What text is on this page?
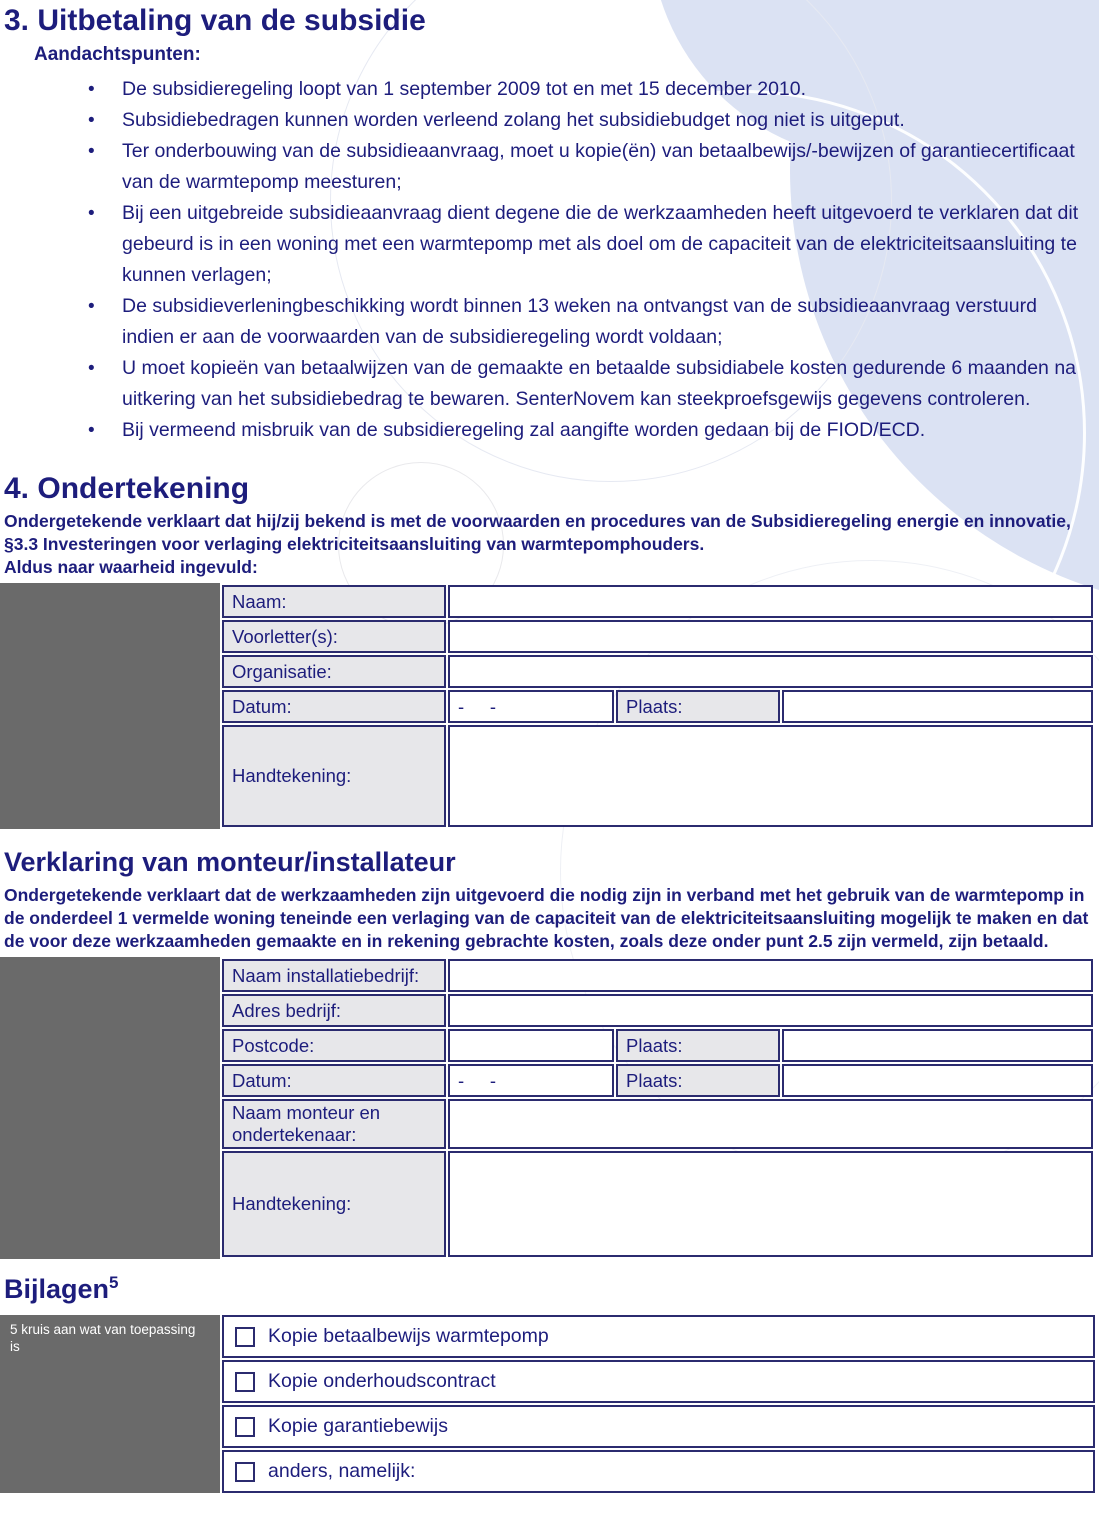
3. Uitbetaling van de subsidie
Aandachtspunten:
• De subsidieregeling loopt van 1 september 2009 tot en met 15 december 2010.
• Subsidiebedragen kunnen worden verleend zolang het subsidiebudget nog niet is uitgeput.
• Ter onderbouwing van de subsidieaanvraag, moet u kopie(ën) van betaalbewijs/-bewijzen of garantiecertificaat van de warmtepomp meesturen;
• Bij een uitgebreide subsidieaanvraag dient degene die de werkzaamheden heeft uitgevoerd te verklaren dat dit gebeurd is in een woning met een warmtepomp met als doel om de capaciteit van de elektriciteitsaansluiting te kunnen verlagen;
• De subsidieverleningbeschikking wordt binnen 13 weken na ontvangst van de subsidieaanvraag verstuurd indien er aan de voorwaarden van de subsidieregeling wordt voldaan;
• U moet kopieën van betaalwijzen van de gemaakte en betaalde subsidiabele kosten gedurende 6 maanden na uitkering van het subsidiebedrag te bewaren. SenterNovem kan steekproefsgewijs gegevens controleren.
• Bij vermeend misbruik van de subsidieregeling zal aangifte worden gedaan bij de FIOD/ECD.
4. Ondertekening

Ondergetekende verklaart dat hij/zij bekend is met de voorwaarden en procedures van de Subsidieregeling energie en innovatie, §3.3 Investeringen voor verlaging elektriciteitsaansluiting van warmtepomphouders.

Aldus naar waarheid ingevuld:

Naam:			
Voorletter(s):			
Organisatie:			
Datum:	-     -	Plaats:	
Handtekening:			
Verklaring van monteur/installateur

Ondergetekende verklaart dat de werkzaamheden zijn uitgevoerd die nodig zijn in verband met het gebruik van de warmtepomp in de onderdeel 1 vermelde woning teneinde een verlaging van de capaciteit van de elektriciteitsaansluiting mogelijk te maken en dat de voor deze werkzaamheden gemaakte en in rekening gebrachte kosten, zoals deze onder punt 2.5 zijn vermeld, zijn betaald.

Naam installatiebedrijf:			
Adres bedrijf:			
Postcode:		Plaats:	
Datum:	-     -	Plaats:	
Naam monteur en ondertekenaar:			
Handtekening:			
Bijlagen$^5$
5 kruis aan wat van toepassing is	Kopie betaalbewijs warmtepomp
Kopie onderhoudscontract
Kopie garantiebewijs
anders, namelijk:
